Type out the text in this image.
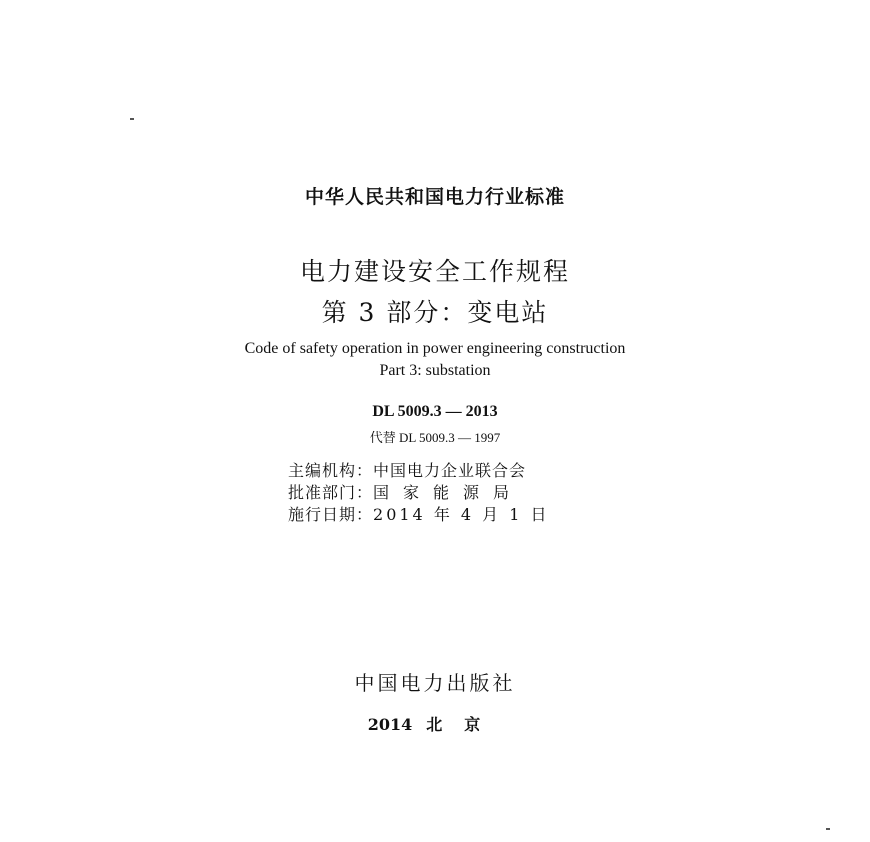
中华人民共和国电力行业标准
电力建设安全工作规程
第 3 部分：变电站
Code of safety operation in power engineering construction
Part 3: substation
DL 5009.3 — 2013
代替 DL 5009.3 — 1997
主编机构：中国电力企业联合会
批准部门：国家能源局
施行日期：2014 年 4 月 1 日
中国电力出版社
2014 北京
